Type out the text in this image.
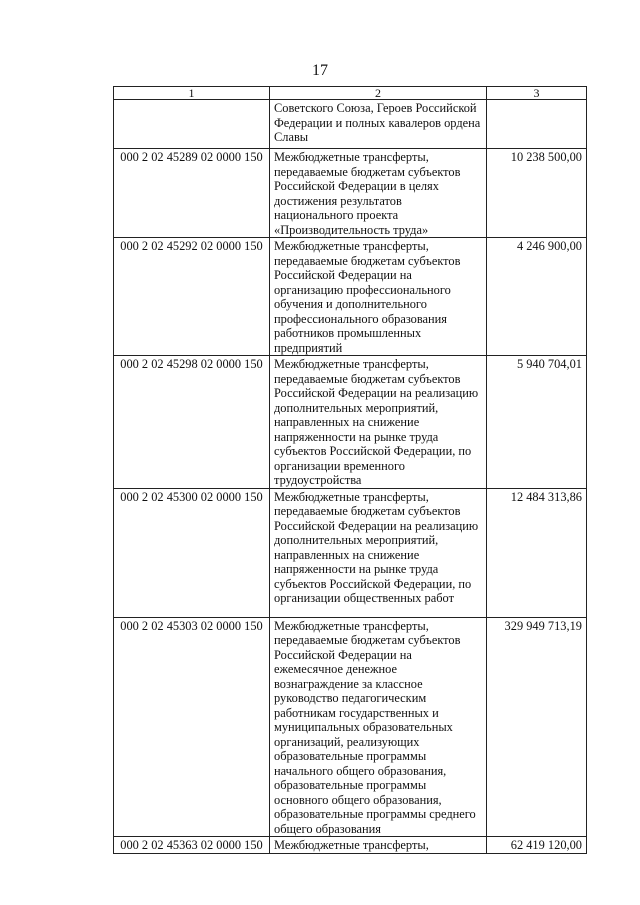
17
1	2	3
	Советского Союза, Героев Российской Федерации и полных кавалеров ордена Славы	
000 2 02 45289 02 0000 150	Межбюджетные трансферты, передаваемые бюджетам субъектов Российской Федерации в целях достижения результатов национального проекта «Производительность труда»	10 238 500,00
000 2 02 45292 02 0000 150	Межбюджетные трансферты, передаваемые бюджетам субъектов Российской Федерации на организацию профессионального обучения и дополнительного профессионального образования работников промышленных предприятий	4 246 900,00
000 2 02 45298 02 0000 150	Межбюджетные трансферты, передаваемые бюджетам субъектов Российской Федерации на реализацию дополнительных мероприятий, направленных на снижение напряженности на рынке труда субъектов Российской Федерации, по организации временного трудоустройства	5 940 704,01
000 2 02 45300 02 0000 150	Межбюджетные трансферты, передаваемые бюджетам субъектов Российской Федерации на реализацию дополнительных мероприятий, направленных на снижение напряженности на рынке труда субъектов Российской Федерации, по организации общественных работ	12 484 313,86
000 2 02 45303 02 0000 150	Межбюджетные трансферты, передаваемые бюджетам субъектов Российской Федерации на ежемесячное денежное вознаграждение за классное руководство педагогическим работникам государственных и муниципальных образовательных организаций, реализующих образовательные программы начального общего образования, образовательные программы основного общего образования, образовательные программы среднего общего образования	329 949 713,19
000 2 02 45363 02 0000 150	Межбюджетные трансферты,	62 419 120,00
